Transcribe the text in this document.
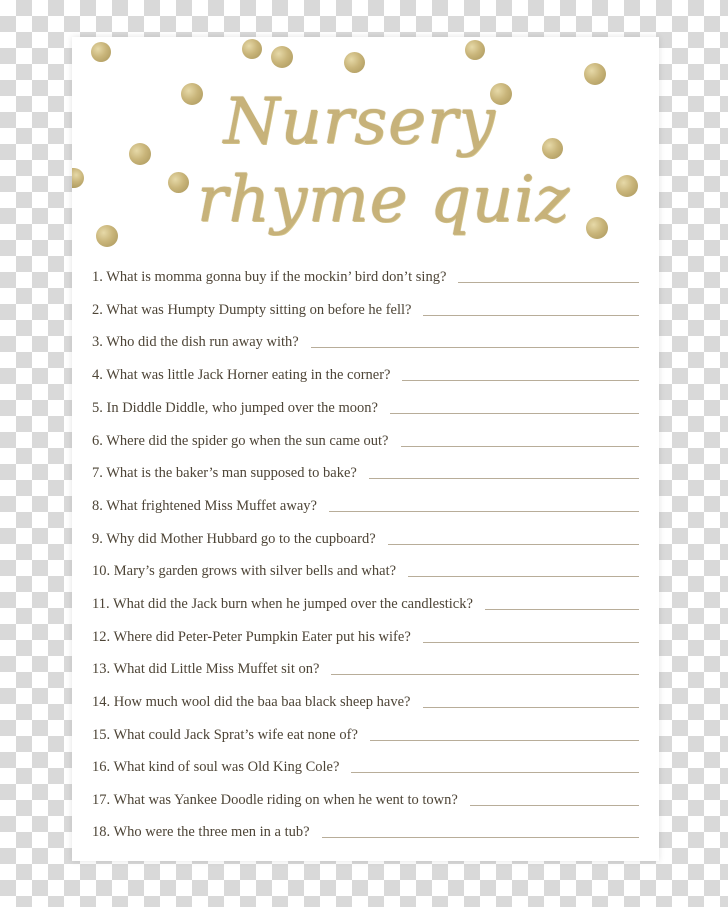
Nursery
rhyme quiz
1. What is momma gonna buy if the mockin’ bird don’t sing?
2. What was Humpty Dumpty sitting on before he fell?
3. Who did the dish run away with?
4. What was little Jack Horner eating in the corner?
5. In Diddle Diddle, who jumped over the moon?
6. Where did the spider go when the sun came out?
7. What is the baker’s man supposed to bake?
8. What frightened Miss Muffet away?
9. Why did Mother Hubbard go to the cupboard?
10. Mary’s garden grows with silver bells and what?
11. What did the Jack burn when he jumped over the candlestick?
12. Where did Peter-Peter Pumpkin Eater put his wife?
13. What did Little Miss Muffet sit on?
14. How much wool did the baa baa black sheep have?
15. What could Jack Sprat’s wife eat none of?
16. What kind of soul was Old King Cole?
17. What was Yankee Doodle riding on when he went to town?
18. Who were the three men in a tub?
